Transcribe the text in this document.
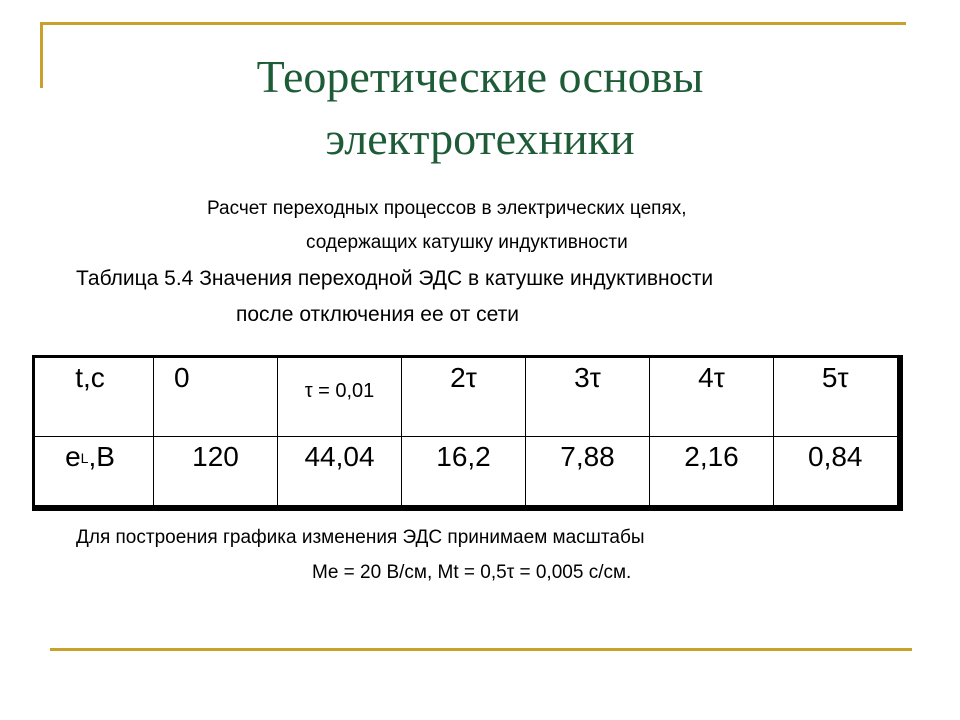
Теоретические основы
электротехники
Расчет переходных процессов в электрических цепях,
содержащих катушку индуктивности
Таблица 5.4 Значения переходной ЭДС в катушке индуктивности
после отключения ее от сети
t,c	0	τ = 0,01	2τ	3τ	4τ	5τ
$e_L,B$	120	44,04	16,2	7,88	2,16	0,84
Для построения графика изменения ЭДС принимаем масштабы
Me = 20 В/см, Mt = 0,5τ = 0,005 с/см.
